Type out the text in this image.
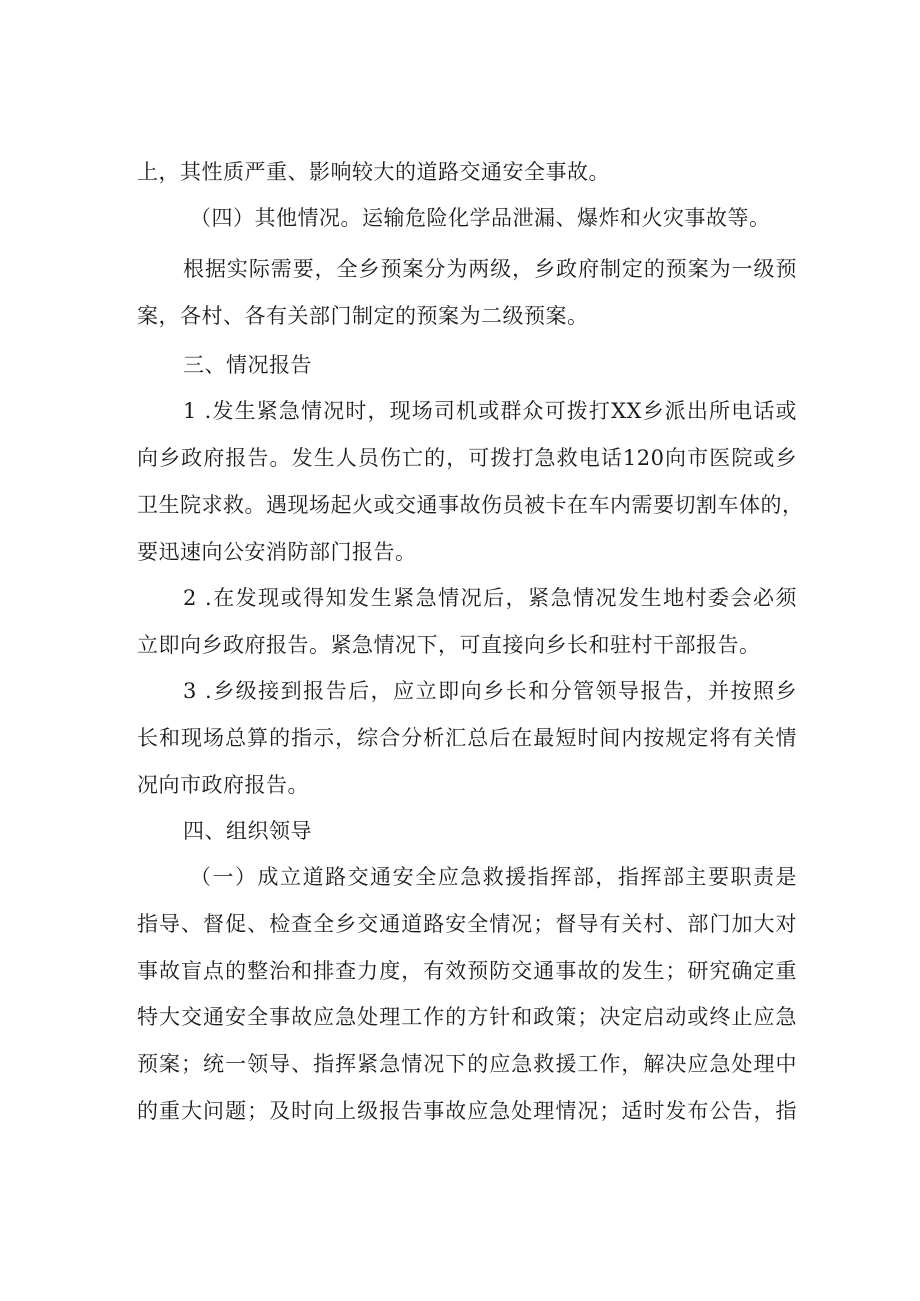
上，其性质严重、影响较大的道路交通安全事故。
（四）其他情况。运输危险化学品泄漏、爆炸和火灾事故等。
根据实际需要，全乡预案分为两级，乡政府制定的预案为一级预
案，各村、各有关部门制定的预案为二级预案。
三、情况报告
1 .发生紧急情况时，现场司机或群众可拨打XX乡派出所电话或
向乡政府报告。发生人员伤亡的，可拨打急救电话120向市医院或乡
卫生院求救。遇现场起火或交通事故伤员被卡在车内需要切割车体的，
要迅速向公安消防部门报告。
2 .在发现或得知发生紧急情况后，紧急情况发生地村委会必须
立即向乡政府报告。紧急情况下，可直接向乡长和驻村干部报告。
3 .乡级接到报告后，应立即向乡长和分管领导报告，并按照乡
长和现场总算的指示，综合分析汇总后在最短时间内按规定将有关情
况向市政府报告。
四、组织领导
（一）成立道路交通安全应急救援指挥部，指挥部主要职责是
指导、督促、检查全乡交通道路安全情况；督导有关村、部门加大对
事故盲点的整治和排查力度，有效预防交通事故的发生；研究确定重
特大交通安全事故应急处理工作的方针和政策；决定启动或终止应急
预案；统一领导、指挥紧急情况下的应急救援工作，解决应急处理中
的重大问题；及时向上级报告事故应急处理情况；适时发布公告，指
